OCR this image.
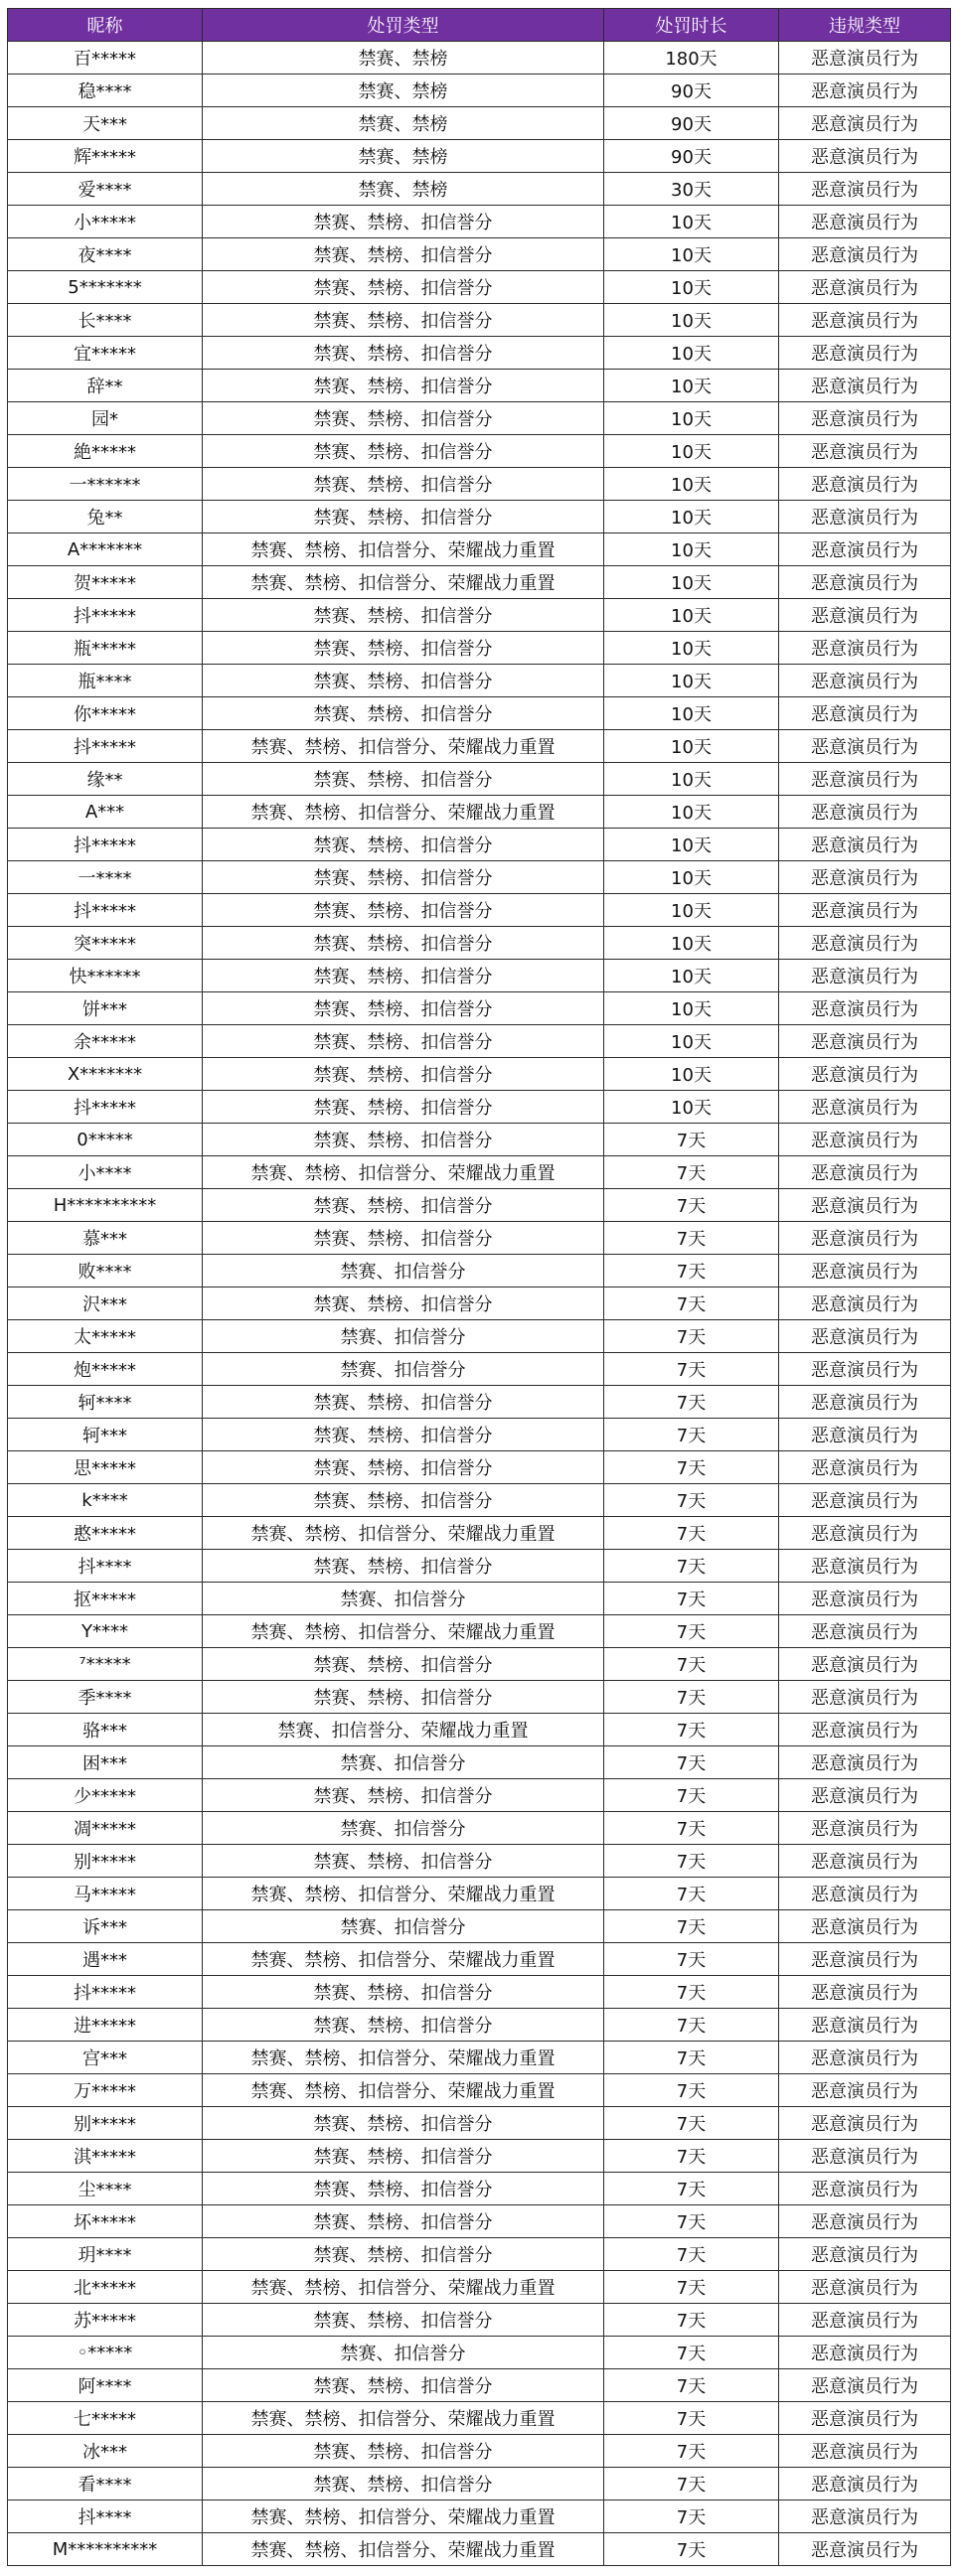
昵称	处罚类型	处罚时长	违规类型
百*****	禁赛、禁榜	180天	恶意演员行为
稳****	禁赛、禁榜	90天	恶意演员行为
天***	禁赛、禁榜	90天	恶意演员行为
辉*****	禁赛、禁榜	90天	恶意演员行为
爱****	禁赛、禁榜	30天	恶意演员行为
小*****	禁赛、禁榜、扣信誉分	10天	恶意演员行为
夜****	禁赛、禁榜、扣信誉分	10天	恶意演员行为
5*******	禁赛、禁榜、扣信誉分	10天	恶意演员行为
长****	禁赛、禁榜、扣信誉分	10天	恶意演员行为
宜*****	禁赛、禁榜、扣信誉分	10天	恶意演员行为
辞**	禁赛、禁榜、扣信誉分	10天	恶意演员行为
园*	禁赛、禁榜、扣信誉分	10天	恶意演员行为
絶*****	禁赛、禁榜、扣信誉分	10天	恶意演员行为
一******	禁赛、禁榜、扣信誉分	10天	恶意演员行为
兔**	禁赛、禁榜、扣信誉分	10天	恶意演员行为
A*******	禁赛、禁榜、扣信誉分、荣耀战力重置	10天	恶意演员行为
贺*****	禁赛、禁榜、扣信誉分、荣耀战力重置	10天	恶意演员行为
抖*****	禁赛、禁榜、扣信誉分	10天	恶意演员行为
瓶*****	禁赛、禁榜、扣信誉分	10天	恶意演员行为
瓶****	禁赛、禁榜、扣信誉分	10天	恶意演员行为
你*****	禁赛、禁榜、扣信誉分	10天	恶意演员行为
抖*****	禁赛、禁榜、扣信誉分、荣耀战力重置	10天	恶意演员行为
缘**	禁赛、禁榜、扣信誉分	10天	恶意演员行为
A***	禁赛、禁榜、扣信誉分、荣耀战力重置	10天	恶意演员行为
抖*****	禁赛、禁榜、扣信誉分	10天	恶意演员行为
一****	禁赛、禁榜、扣信誉分	10天	恶意演员行为
抖*****	禁赛、禁榜、扣信誉分	10天	恶意演员行为
突*****	禁赛、禁榜、扣信誉分	10天	恶意演员行为
快******	禁赛、禁榜、扣信誉分	10天	恶意演员行为
饼***	禁赛、禁榜、扣信誉分	10天	恶意演员行为
余*****	禁赛、禁榜、扣信誉分	10天	恶意演员行为
X*******	禁赛、禁榜、扣信誉分	10天	恶意演员行为
抖*****	禁赛、禁榜、扣信誉分	10天	恶意演员行为
0*****	禁赛、禁榜、扣信誉分	7天	恶意演员行为
小****	禁赛、禁榜、扣信誉分、荣耀战力重置	7天	恶意演员行为
H**********	禁赛、禁榜、扣信誉分	7天	恶意演员行为
慕***	禁赛、禁榜、扣信誉分	7天	恶意演员行为
败****	禁赛、扣信誉分	7天	恶意演员行为
沢***	禁赛、禁榜、扣信誉分	7天	恶意演员行为
太*****	禁赛、扣信誉分	7天	恶意演员行为
炮*****	禁赛、扣信誉分	7天	恶意演员行为
轲****	禁赛、禁榜、扣信誉分	7天	恶意演员行为
轲***	禁赛、禁榜、扣信誉分	7天	恶意演员行为
思*****	禁赛、禁榜、扣信誉分	7天	恶意演员行为
k****	禁赛、禁榜、扣信誉分	7天	恶意演员行为
憨*****	禁赛、禁榜、扣信誉分、荣耀战力重置	7天	恶意演员行为
抖****	禁赛、禁榜、扣信誉分	7天	恶意演员行为
抠*****	禁赛、扣信誉分	7天	恶意演员行为
Y****	禁赛、禁榜、扣信誉分、荣耀战力重置	7天	恶意演员行为
⁷*****	禁赛、禁榜、扣信誉分	7天	恶意演员行为
季****	禁赛、禁榜、扣信誉分	7天	恶意演员行为
骆***	禁赛、扣信誉分、荣耀战力重置	7天	恶意演员行为
困***	禁赛、扣信誉分	7天	恶意演员行为
少*****	禁赛、禁榜、扣信誉分	7天	恶意演员行为
凋*****	禁赛、扣信誉分	7天	恶意演员行为
别*****	禁赛、禁榜、扣信誉分	7天	恶意演员行为
马*****	禁赛、禁榜、扣信誉分、荣耀战力重置	7天	恶意演员行为
诉***	禁赛、扣信誉分	7天	恶意演员行为
遇***	禁赛、禁榜、扣信誉分、荣耀战力重置	7天	恶意演员行为
抖*****	禁赛、禁榜、扣信誉分	7天	恶意演员行为
进*****	禁赛、禁榜、扣信誉分	7天	恶意演员行为
宫***	禁赛、禁榜、扣信誉分、荣耀战力重置	7天	恶意演员行为
万*****	禁赛、禁榜、扣信誉分、荣耀战力重置	7天	恶意演员行为
别*****	禁赛、禁榜、扣信誉分	7天	恶意演员行为
淇*****	禁赛、禁榜、扣信誉分	7天	恶意演员行为
尘****	禁赛、禁榜、扣信誉分	7天	恶意演员行为
坏*****	禁赛、禁榜、扣信誉分	7天	恶意演员行为
玥****	禁赛、禁榜、扣信誉分	7天	恶意演员行为
北*****	禁赛、禁榜、扣信誉分、荣耀战力重置	7天	恶意演员行为
苏*****	禁赛、禁榜、扣信誉分	7天	恶意演员行为
◦*****	禁赛、扣信誉分	7天	恶意演员行为
阿****	禁赛、禁榜、扣信誉分	7天	恶意演员行为
七*****	禁赛、禁榜、扣信誉分、荣耀战力重置	7天	恶意演员行为
冰***	禁赛、禁榜、扣信誉分	7天	恶意演员行为
看****	禁赛、禁榜、扣信誉分	7天	恶意演员行为
抖****	禁赛、禁榜、扣信誉分、荣耀战力重置	7天	恶意演员行为
M**********	禁赛、禁榜、扣信誉分、荣耀战力重置	7天	恶意演员行为
